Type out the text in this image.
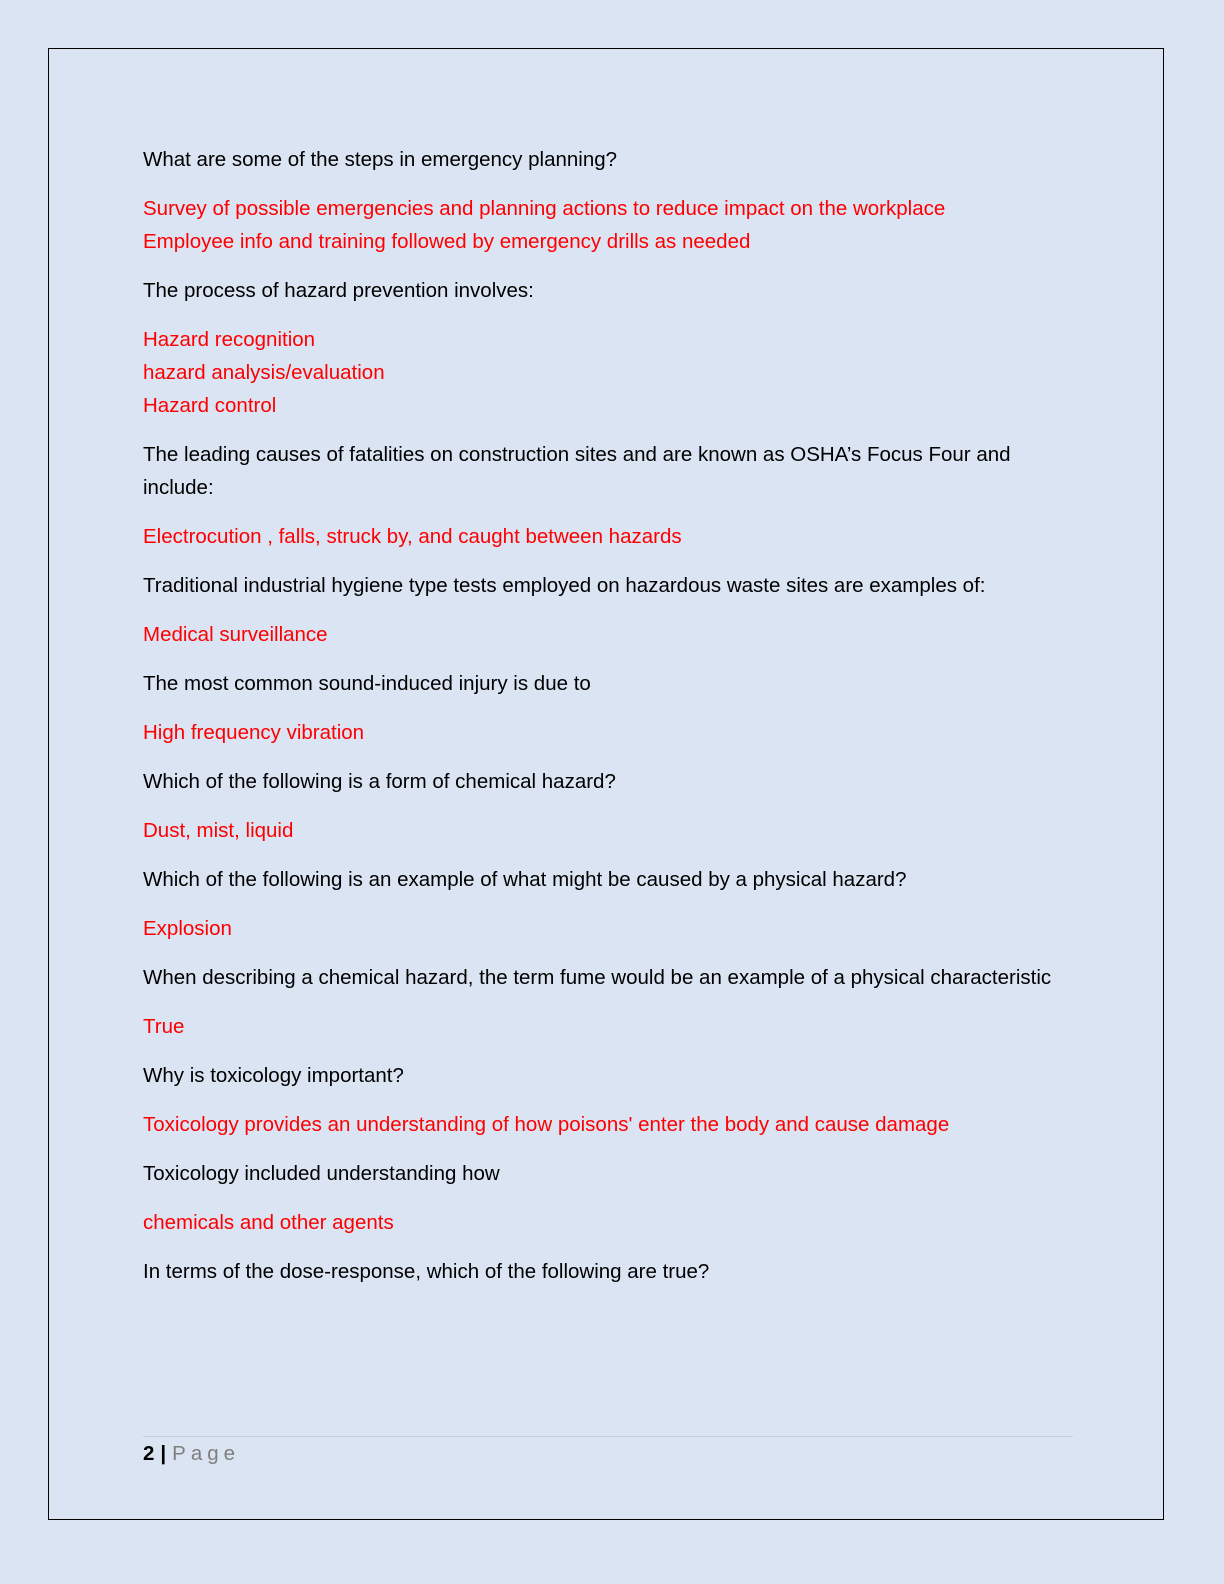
What are some of the steps in emergency planning?

Survey of possible emergencies and planning actions to reduce impact on the workplace
Employee info and training followed by emergency drills as needed

The process of hazard prevention involves:

Hazard recognition
hazard analysis/evaluation
Hazard control

The leading causes of fatalities on construction sites and are known as OSHA’s Focus Four and include:

Electrocution , falls, struck by, and caught between hazards

Traditional industrial hygiene type tests employed on hazardous waste sites are examples of:

Medical surveillance

The most common sound-induced injury is due to

High frequency vibration

Which of the following is a form of chemical hazard?

Dust, mist, liquid

Which of the following is an example of what might be caused by a physical hazard?

Explosion

When describing a chemical hazard, the term fume would be an example of a physical characteristic

True

Why is toxicology important?

Toxicology provides an understanding of how poisons' enter the body and cause damage

Toxicology included understanding how

chemicals and other agents

In terms of the dose-response, which of the following are true?

2 | Page
